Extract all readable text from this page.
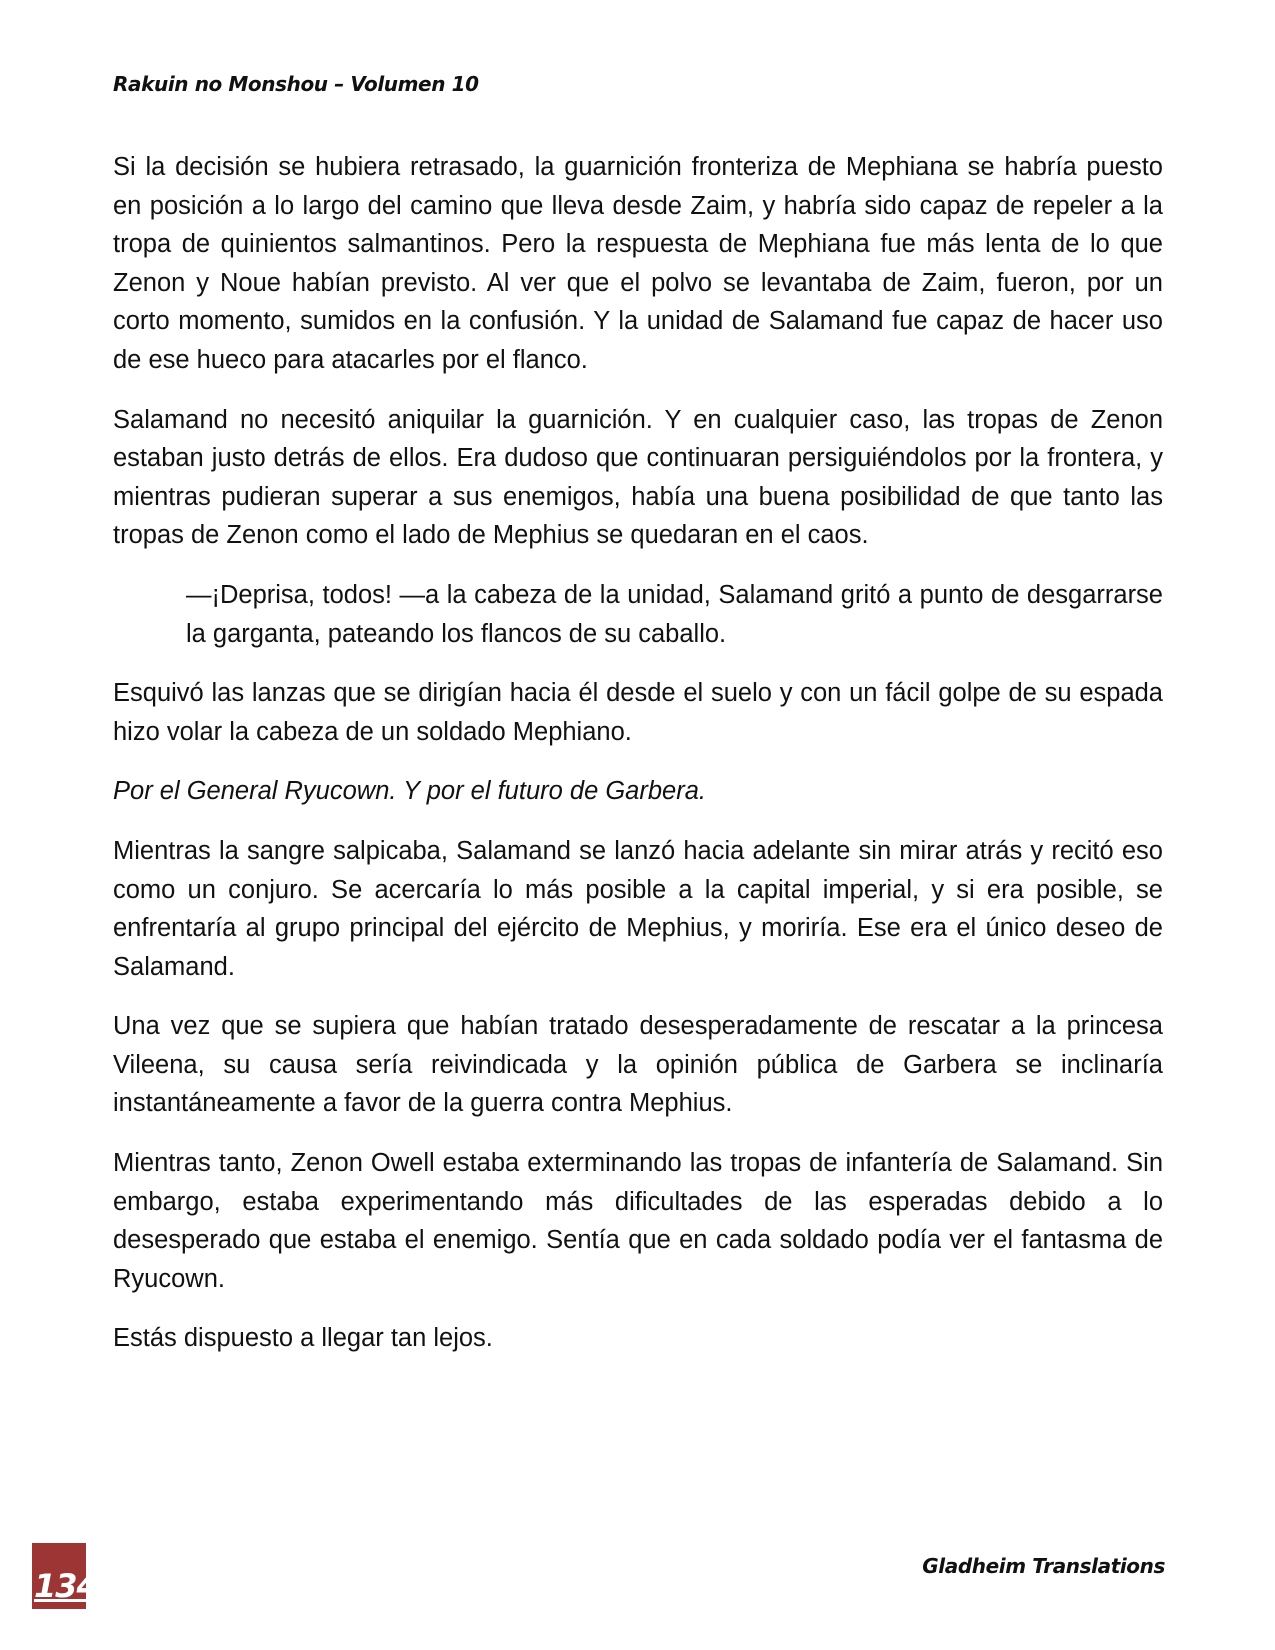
Rakuin no Monshou – Volumen 10

Si la decisión se hubiera retrasado, la guarnición fronteriza de Mephiana se habría puesto en posición a lo largo del camino que lleva desde Zaim, y habría sido capaz de repeler a la tropa de quinientos salmantinos. Pero la respuesta de Mephiana fue más lenta de lo que Zenon y Noue habían previsto. Al ver que el polvo se levantaba de Zaim, fueron, por un corto momento, sumidos en la confusión. Y la unidad de Salamand fue capaz de hacer uso de ese hueco para atacarles por el flanco.

Salamand no necesitó aniquilar la guarnición. Y en cualquier caso, las tropas de Zenon estaban justo detrás de ellos. Era dudoso que continuaran persiguiéndolos por la frontera, y mientras pudieran superar a sus enemigos, había una buena posibilidad de que tanto las tropas de Zenon como el lado de Mephius se quedaran en el caos.

—¡Deprisa, todos! —a la cabeza de la unidad, Salamand gritó a punto de desgarrarse la garganta, pateando los flancos de su caballo.

Esquivó las lanzas que se dirigían hacia él desde el suelo y con un fácil golpe de su espada hizo volar la cabeza de un soldado Mephiano.

Por el General Ryucown. Y por el futuro de Garbera.

Mientras la sangre salpicaba, Salamand se lanzó hacia adelante sin mirar atrás y recitó eso como un conjuro. Se acercaría lo más posible a la capital imperial, y si era posible, se enfrentaría al grupo principal del ejército de Mephius, y moriría. Ese era el único deseo de Salamand.

Una vez que se supiera que habían tratado desesperadamente de rescatar a la princesa Vileena, su causa sería reivindicada y la opinión pública de Garbera se inclinaría instantáneamente a favor de la guerra contra Mephius.

Mientras tanto, Zenon Owell estaba exterminando las tropas de infantería de Salamand. Sin embargo, estaba experimentando más dificultades de las esperadas debido a lo desesperado que estaba el enemigo. Sentía que en cada soldado podía ver el fantasma de Ryucown.

Estás dispuesto a llegar tan lejos.

134
Gladheim Translations
